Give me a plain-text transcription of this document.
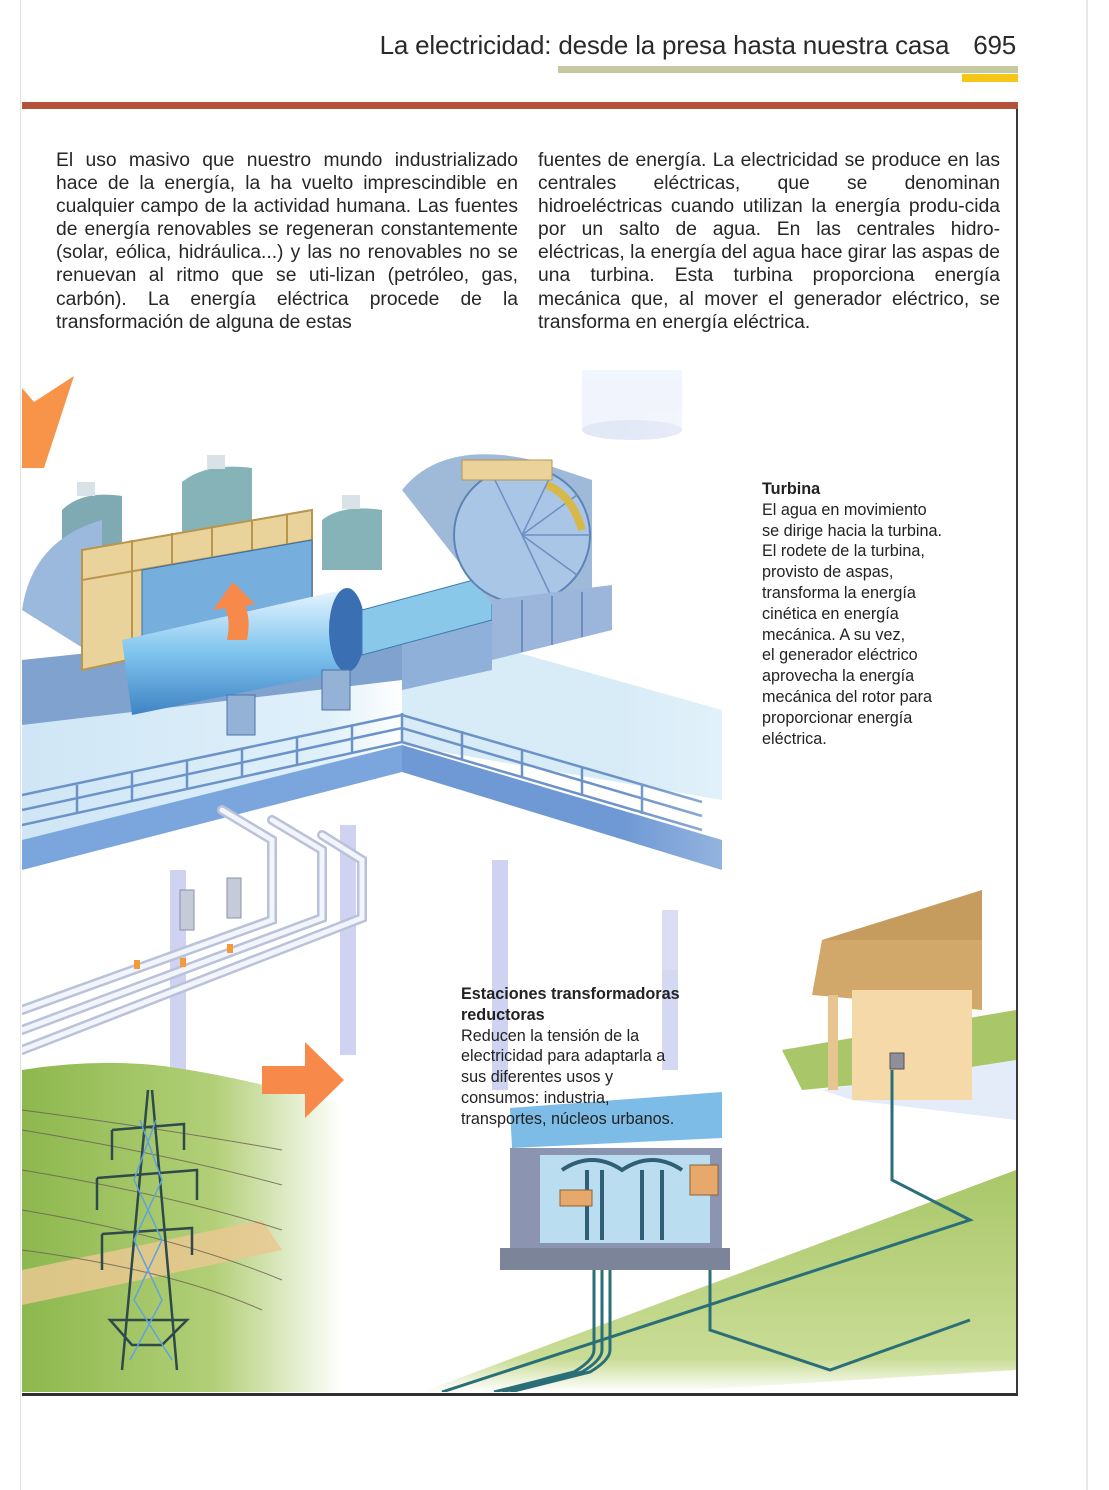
La electricidad: desde la presa hasta nuestra casa 695

El uso masivo que nuestro mundo industrializado hace de la energía, la ha vuelto imprescindible en cualquier campo de la actividad humana. Las fuentes de energía renovables se regeneran constantemente (solar, eólica, hidráulica...) y las no renovables no se renuevan al ritmo que se uti-lizan (petróleo, gas, carbón). La energía eléctrica procede de la transformación de alguna de estas

fuentes de energía. La electricidad se produce en las centrales eléctricas, que se denominan hidroeléctricas cuando utilizan la energía produ-cida por un salto de agua. En las centrales hidro-eléctricas, la energía del agua hace girar las aspas de una turbina. Esta turbina proporciona energía mecánica que, al mover el generador eléctrico, se transforma en energía eléctrica.

Turbina
El agua en movimiento
se dirige hacia la turbina.
El rodete de la turbina,
provisto de aspas,
transforma la energía
cinética en energía
mecánica. A su vez,
el generador eléctrico
aprovecha la energía
mecánica del rotor para
proporcionar energía
eléctrica.
Estaciones transformadoras
reductoras
Reducen la tensión de la
electricidad para adaptarla a
sus diferentes usos y
consumos: industria,
transportes, núcleos urbanos.
